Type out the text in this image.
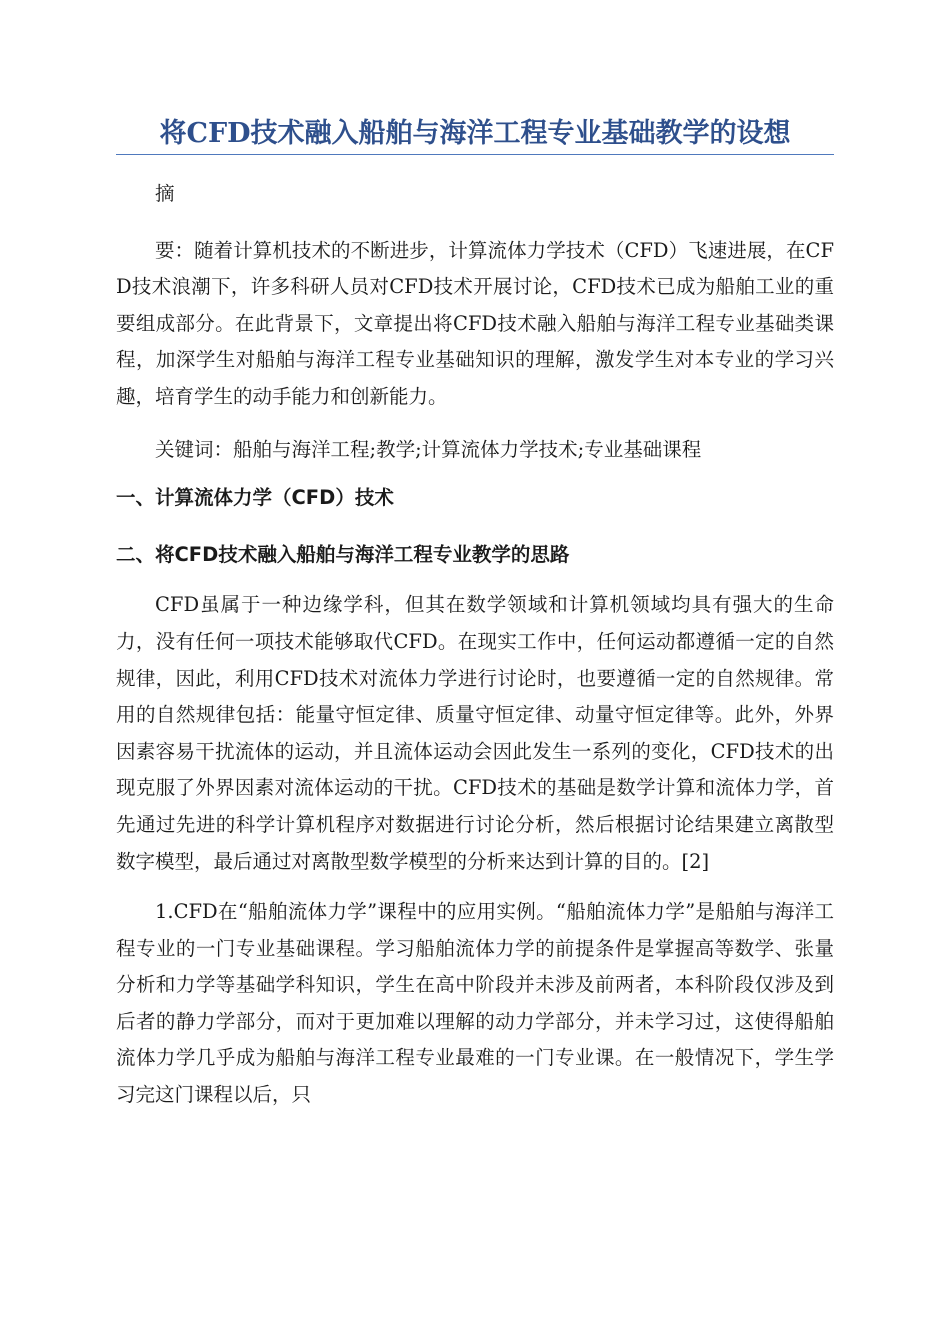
将CFD技术融入船舶与海洋工程专业基础教学的设想

摘

要：随着计算机技术的不断进步，计算流体力学技术（CFD）飞速进展，在CFD技术浪潮下，许多科研人员对CFD技术开展讨论，CFD技术已成为船舶工业的重要组成部分。在此背景下，文章提出将CFD技术融入船舶与海洋工程专业基础类课程，加深学生对船舶与海洋工程专业基础知识的理解，激发学生对本专业的学习兴趣，培育学生的动手能力和创新能力。

关键词：船舶与海洋工程;教学;计算流体力学技术;专业基础课程

一、计算流体力学（CFD）技术

二、将CFD技术融入船舶与海洋工程专业教学的思路

CFD虽属于一种边缘学科，但其在数学领域和计算机领域均具有强大的生命力，没有任何一项技术能够取代CFD。在现实工作中，任何运动都遵循一定的自然规律，因此，利用CFD技术对流体力学进行讨论时，也要遵循一定的自然规律。常用的自然规律包括：能量守恒定律、质量守恒定律、动量守恒定律等。此外，外界因素容易干扰流体的运动，并且流体运动会因此发生一系列的变化，CFD技术的出现克服了外界因素对流体运动的干扰。CFD技术的基础是数学计算和流体力学，首先通过先进的科学计算机程序对数据进行讨论分析，然后根据讨论结果建立离散型数字模型，最后通过对离散型数学模型的分析来达到计算的目的。[2]

1.CFD在“船舶流体力学”课程中的应用实例。“船舶流体力学”是船舶与海洋工程专业的一门专业基础课程。学习船舶流体力学的前提条件是掌握高等数学、张量分析和力学等基础学科知识，学生在高中阶段并未涉及前两者，本科阶段仅涉及到后者的静力学部分，而对于更加难以理解的动力学部分，并未学习过，这使得船舶流体力学几乎成为船舶与海洋工程专业最难的一门专业课。在一般情况下，学生学习完这门课程以后，只
